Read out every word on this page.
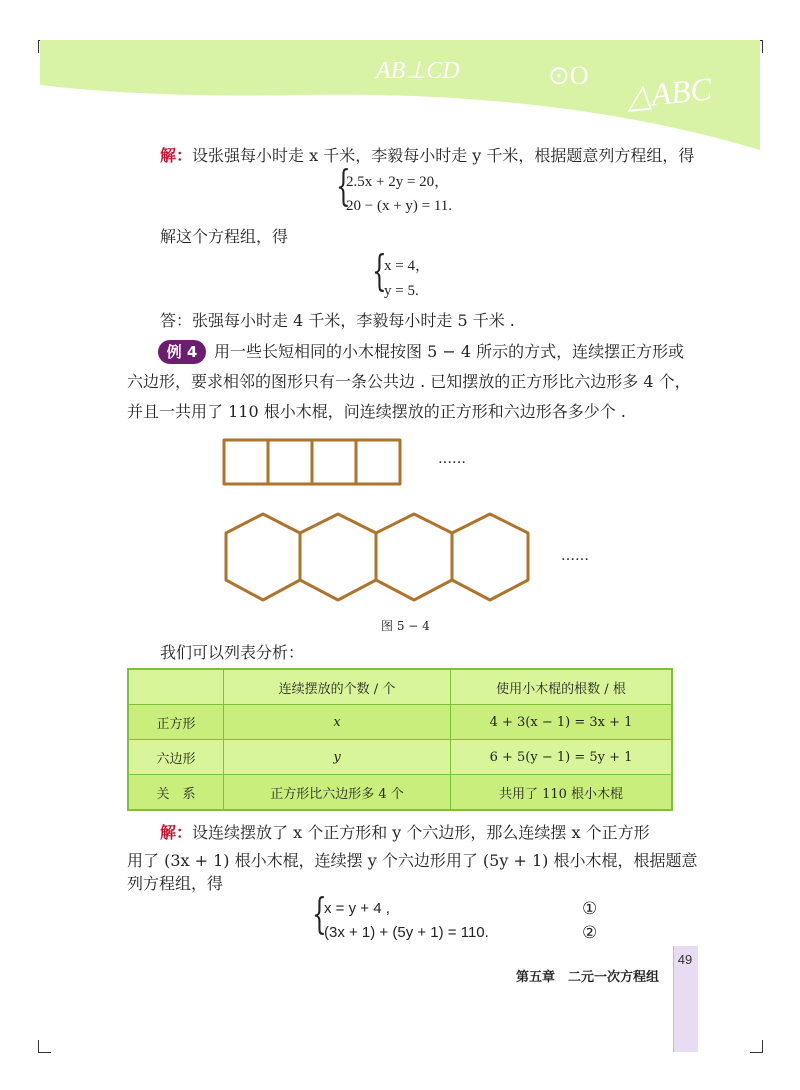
AB⊥CD	⊙O △ABC
解：设张强每小时走 x 千米，李毅每小时走 y 千米，根据题意列方程组，得
{
2.5x + 2y = 20，
20 − (x + y) = 11.
解这个方程组，得
{
x = 4，
y = 5.
答：张强每小时走 4 千米，李毅每小时走 5 千米 .
例 4	用一些长短相同的小木棍按图 5 − 4 所示的方式，连续摆正方形或
六边形，要求相邻的图形只有一条公共边 . 已知摆放的正方形比六边形多 4 个，
并且一共用了 110 根小木棍，问连续摆放的正方形和六边形各多少个 .
……
……
图 5 − 4
我们可以列表分析：
	连续摆放的个数 / 个	使用小木棍的根数 / 根
正方形	x	4 + 3(x − 1) = 3x + 1
六边形	y	6 + 5(y − 1) = 5y + 1
关　系	正方形比六边形多 4 个	共用了 110 根小木棍
解：设连续摆放了 x 个正方形和 y 个六边形，那么连续摆 x 个正方形
用了 (3x + 1) 根小木棍，连续摆 y 个六边形用了 (5y + 1) 根小木棍，根据题意
列方程组，得
{
x = y + 4 ,
(3x + 1) + (5y + 1) = 110.
①
②
49
第五章　二元一次方程组
